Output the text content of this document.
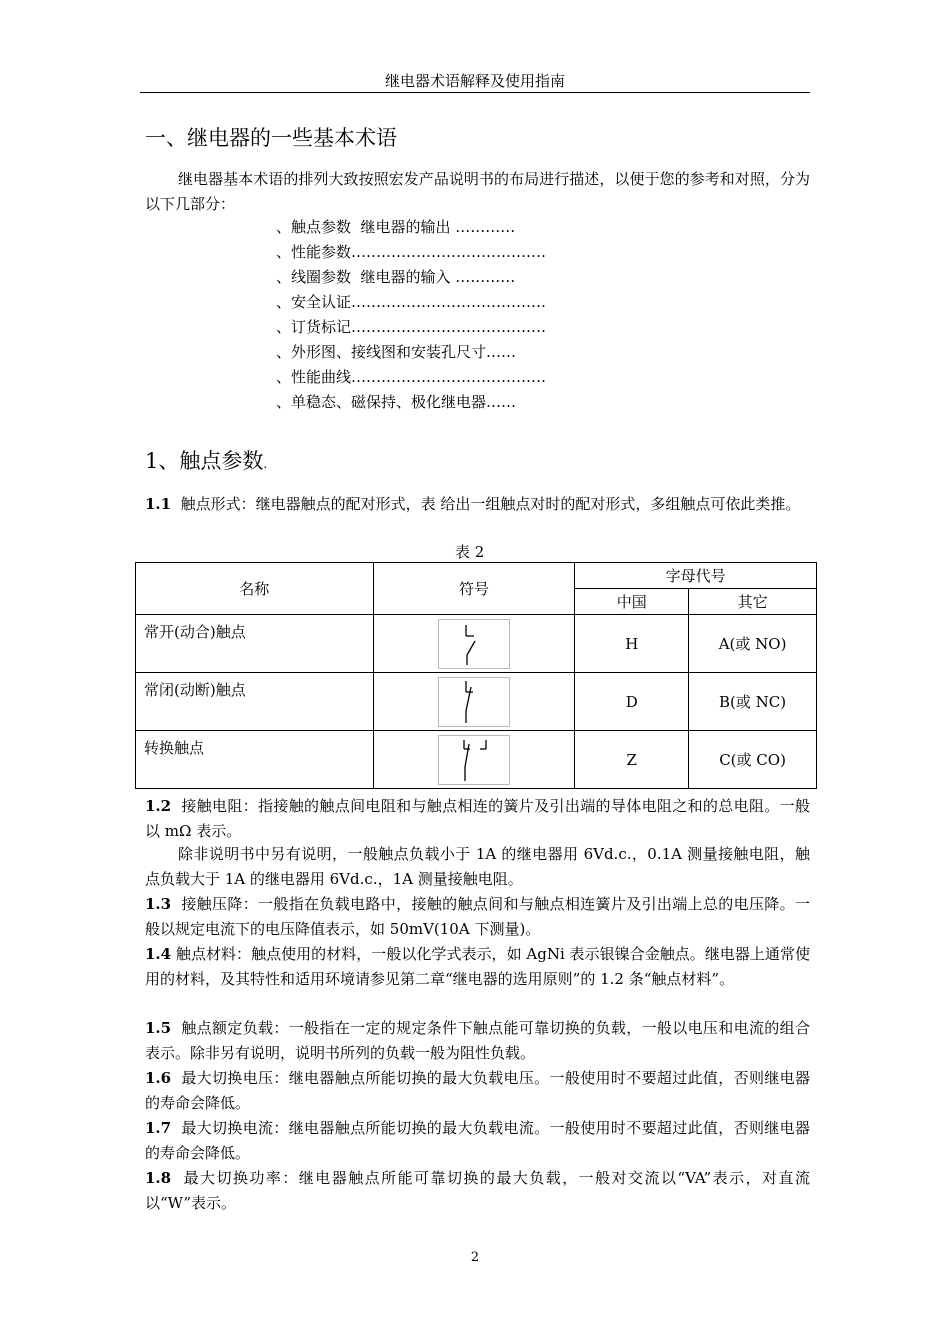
继电器术语解释及使用指南
一、继电器的一些基本术语
继电器基本术语的排列大致按照宏发产品说明书的布局进行描述，以便于您的参考和对照，分为以下几部分：
、触点参数  继电器的输出 …………
、性能参数…………………………………
、线圈参数  继电器的输入 …………
、安全认证…………………………………
、订货标记…………………………………
、外形图、接线图和安装孔尺寸……
、性能曲线…………………………………
、单稳态、磁保持、极化继电器……
1、触点参数.
1.1 触点形式：继电器触点的配对形式，表 给出一组触点对时的配对形式，多组触点可依此类推。
表 2
名称	符号	字母代号	
		中国	其它
常开(动合)触点		H	A(或 NO)
常闭(动断)触点		D	B(或 NC)
转换触点		Z	C(或 CO)
1.2 接触电阻：指接触的触点间电阻和与触点相连的簧片及引出端的导体电阻之和的总电阻。一般以 mΩ 表示。
除非说明书中另有说明，一般触点负载小于 1A 的继电器用 6Vd.c.，0.1A 测量接触电阻，触点负载大于 1A 的继电器用 6Vd.c.，1A 测量接触电阻。
1.3 接触压降：一般指在负载电路中，接触的触点间和与触点相连簧片及引出端上总的电压降。一般以规定电流下的电压降值表示，如 50mV(10A 下测量)。
1.4 触点材料：触点使用的材料，一般以化学式表示，如 AgNi 表示银镍合金触点。继电器上通常使用的材料，及其特性和适用环境请参见第二章“继电器的选用原则”的 1.2 条“触点材料”。
1.5 触点额定负载：一般指在一定的规定条件下触点能可靠切换的负载，一般以电压和电流的组合表示。除非另有说明，说明书所列的负载一般为阻性负载。
1.6 最大切换电压：继电器触点所能切换的最大负载电压。一般使用时不要超过此值，否则继电器的寿命会降低。
1.7 最大切换电流：继电器触点所能切换的最大负载电流。一般使用时不要超过此值，否则继电器的寿命会降低。
1.8 最大切换功率：继电器触点所能可靠切换的最大负载，一般对交流以“VA”表示，对直流以“W”表示。
2
